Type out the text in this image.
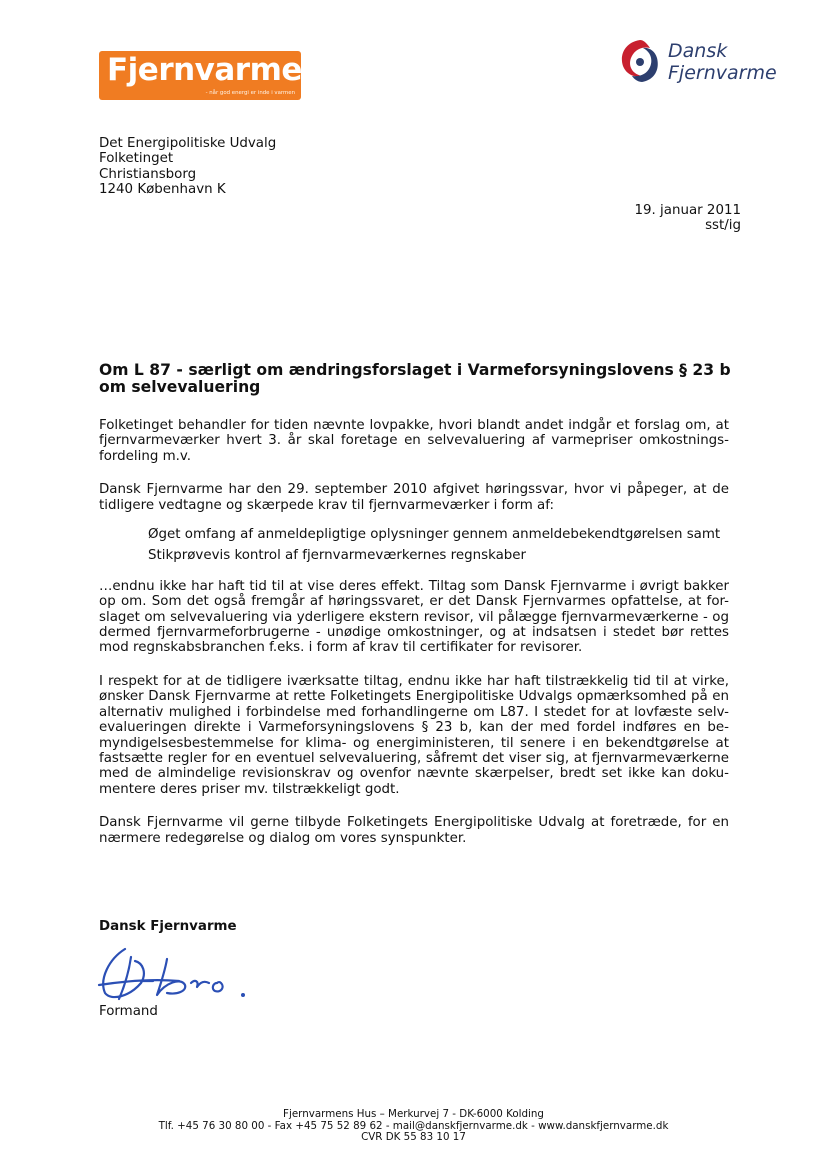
Fjernvarme
- når god energi er inde i varmen
Dansk
Fjernvarme
Det Energipolitiske Udvalg
Folketinget
Christiansborg
1240 København K
19. januar 2011
sst/ig
Om L 87 - særligt om ændringsforslaget i Varmeforsyningslovens § 23 b
om selvevaluering

Folketinget behandler for tiden nævnte lovpakke, hvori blandt andet indgår et forslag om, at fjernvarmeværker hvert 3. år skal foretage en selvevaluering af varmepriser omkostnings-fordeling m.v.

Dansk Fjernvarme har den 29. september 2010 afgivet høringssvar, hvor vi påpeger, at de tidligere vedtagne og skærpede krav til fjernvarmeværker i form af:

Øget omfang af anmeldepligtige oplysninger gennem anmeldebekendtgørelsen samt
Stikprøvevis kontrol af fjernvarmeværkernes regnskaber

…endnu ikke har haft tid til at vise deres effekt. Tiltag som Dansk Fjernvarme i øvrigt bakker op om. Som det også fremgår af høringssvaret, er det Dansk Fjernvarmes opfattelse, at for-slaget om selvevaluering via yderligere ekstern revisor, vil pålægge fjernvarmeværkerne - og dermed fjernvarmeforbrugerne - unødige omkostninger, og at indsatsen i stedet bør rettes mod regnskabsbranchen f.eks. i form af krav til certifikater for revisorer.

I respekt for at de tidligere iværksatte tiltag, endnu ikke har haft tilstrækkelig tid til at virke, ønsker Dansk Fjernvarme at rette Folketingets Energipolitiske Udvalgs opmærksomhed på en alternativ mulighed i forbindelse med forhandlingerne om L87. I stedet for at lovfæste selv-evalueringen direkte i Varmeforsyningslovens § 23 b, kan der med fordel indføres en be-myndigelsesbestemmelse for klima- og energiministeren, til senere i en bekendtgørelse at fastsætte regler for en eventuel selvevaluering, såfremt det viser sig, at fjernvarmeværkerne med de almindelige revisionskrav og ovenfor nævnte skærpelser, bredt set ikke kan doku-mentere deres priser mv. tilstrækkeligt godt.

Dansk Fjernvarme vil gerne tilbyde Folketingets Energipolitiske Udvalg at foretræde, for en nærmere redegørelse og dialog om vores synspunkter.

Dansk Fjernvarme
Formand
Fjernvarmens Hus – Merkurvej 7 - DK-6000 Kolding
Tlf. +45 76 30 80 00 - Fax +45 75 52 89 62 - mail@danskfjernvarme.dk - www.danskfjernvarme.dk
CVR DK 55 83 10 17
